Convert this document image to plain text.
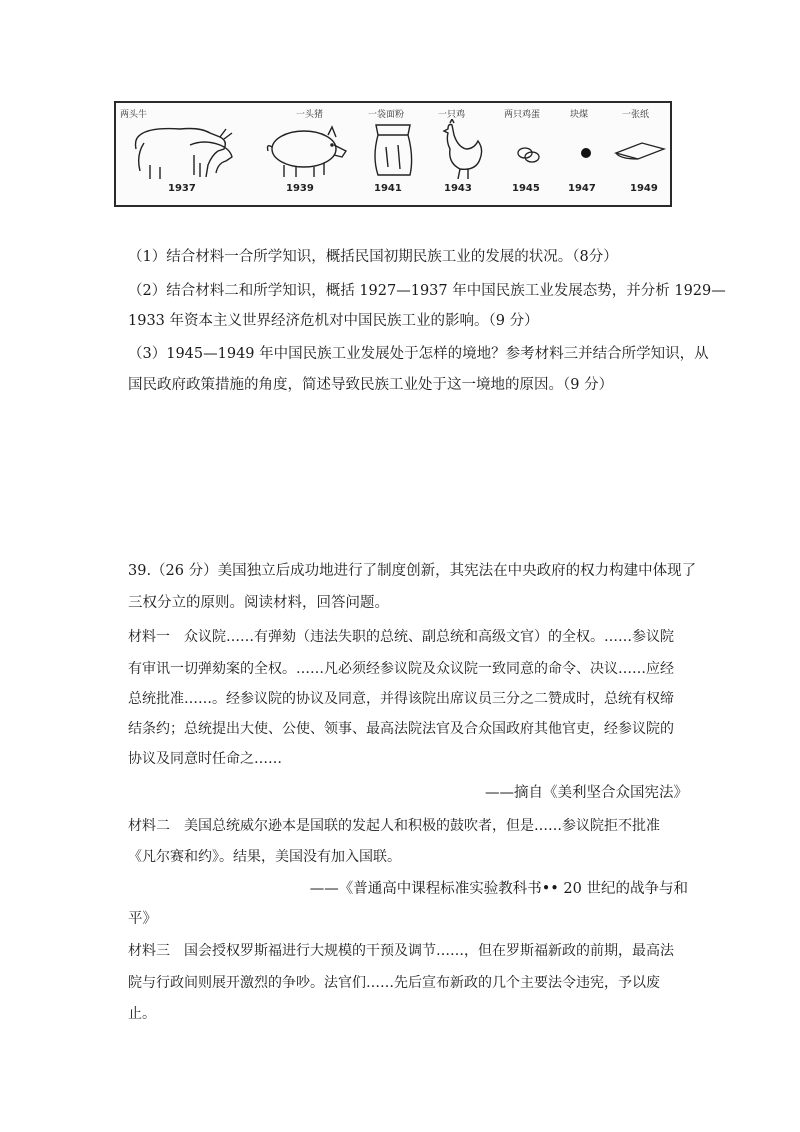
两头牛
1937
一头猪
1939
一袋面粉
1941
一只鸡
1943
两只鸡蛋
1945
块煤
1947
一张纸
1949
（1）结合材料一合所学知识，概括民国初期民族工业的发展的状况。（8分）
（2）结合材料二和所学知识，概括 1927—1937 年中国民族工业发展态势，并分析 1929—
1933 年资本主义世界经济危机对中国民族工业的影响。（9 分）
（3）1945—1949 年中国民族工业发展处于怎样的境地？参考材料三并结合所学知识，从
国民政府政策措施的角度，简述导致民族工业处于这一境地的原因。（9 分）
39.（26 分）美国独立后成功地进行了制度创新，其宪法在中央政府的权力构建中体现了
三权分立的原则。阅读材料，回答问题。
材料一　众议院……有弹劾（违法失职的总统、副总统和高级文官）的全权。……参议院
有审讯一切弹劾案的全权。……凡必须经参议院及众议院一致同意的命令、决议……应经
总统批准……。经参议院的协议及同意，并得该院出席议员三分之二赞成时，总统有权缔
结条约；总统提出大使、公使、领事、最高法院法官及合众国政府其他官吏，经参议院的
协议及同意时任命之……
——摘自《美利坚合众国宪法》
材料二　美国总统威尔逊本是国联的发起人和积极的鼓吹者，但是……参议院拒不批准
《凡尔赛和约》。结果，美国没有加入国联。
——《普通高中课程标准实验教科书•• 20 世纪的战争与和
平》
材料三　国会授权罗斯福进行大规模的干预及调节……，但在罗斯福新政的前期，最高法
院与行政间则展开激烈的争吵。法官们……先后宣布新政的几个主要法令违宪，予以废
止。
